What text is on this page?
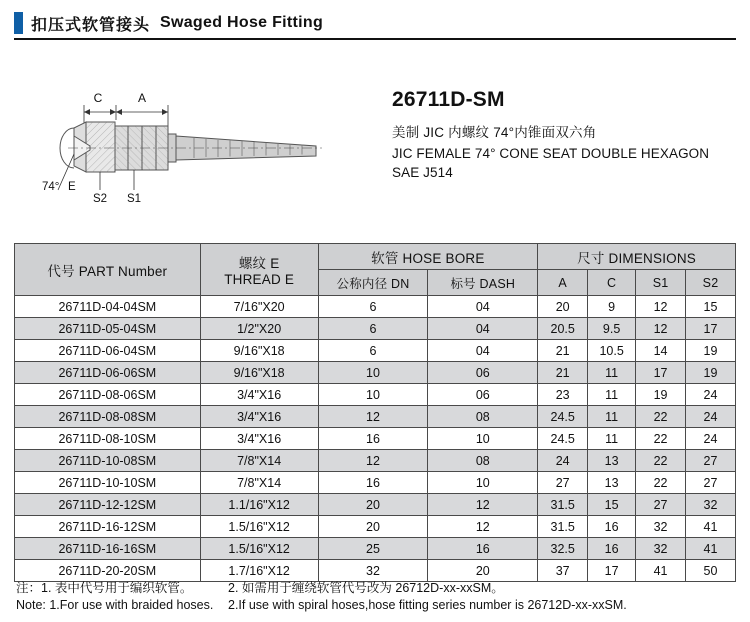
扣压式软管接头 Swaged Hose Fitting
C	A
74° E
S2 S1
26711D-SM
美制 JIC 内螺纹 74°内锥面双六角
JIC FEMALE 74° CONE SEAT DOUBLE HEXAGON
SAE J514
代号 PART Number	螺纹 E
THREAD E	软管 HOSE BORE		尺寸 DIMENSIONS			
		公称内径 DN	标号 DASH	A	C	S1	S2
26711D-04-04SM	7/16"X20	6	04	20	9	12	15
26711D-05-04SM	1/2"X20	6	04	20.5	9.5	12	17
26711D-06-04SM	9/16"X18	6	04	21	10.5	14	19
26711D-06-06SM	9/16"X18	10	06	21	11	17	19
26711D-08-06SM	3/4"X16	10	06	23	11	19	24
26711D-08-08SM	3/4"X16	12	08	24.5	11	22	24
26711D-08-10SM	3/4"X16	16	10	24.5	11	22	24
26711D-10-08SM	7/8"X14	12	08	24	13	22	27
26711D-10-10SM	7/8"X14	16	10	27	13	22	27
26711D-12-12SM	1.1/16"X12	20	12	31.5	15	27	32
26711D-16-12SM	1.5/16"X12	20	12	31.5	16	32	41
26711D-16-16SM	1.5/16"X12	25	16	32.5	16	32	41
26711D-20-20SM	1.7/16"X12	32	20	37	17	41	50
注：1. 表中代号用于编织软管。	2. 如需用于缠绕软管代号改为 26712D-xx-xxSM。
Note: 1.For use with braided hoses.	2.If use with spiral hoses,hose fitting series number is 26712D-xx-xxSM.
